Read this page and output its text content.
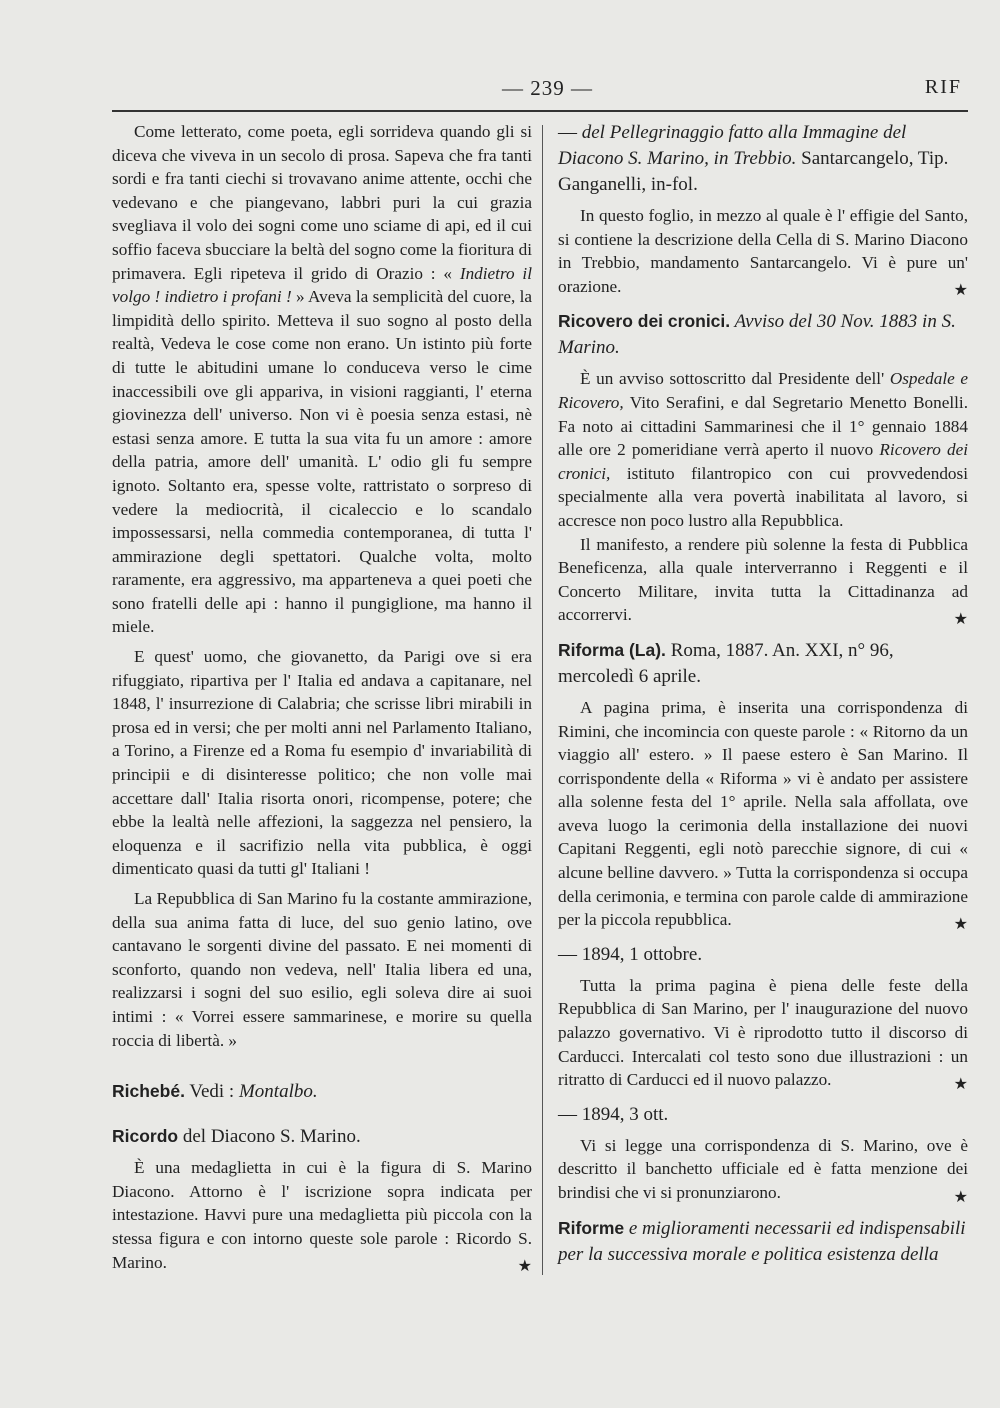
— 239 —	RIF

Come letterato, come poeta, egli sorrideva quando gli si diceva che viveva in un secolo di prosa. Sapeva che fra tanti sordi e fra tanti ciechi si trovavano anime attente, occhi che vedevano e che piangevano, labbri puri la cui grazia svegliava il volo dei sogni come uno sciame di api, ed il cui soffio faceva sbucciare la beltà del sogno come la fioritura di primavera. Egli ripeteva il grido di Orazio : « Indietro il volgo ! indietro i profani ! » Aveva la semplicità del cuore, la limpidità dello spirito. Metteva il suo sogno al posto della realtà, Vedeva le cose come non erano. Un istinto più forte di tutte le abitudini umane lo conduceva verso le cime inaccessibili ove gli appariva, in visioni raggianti, l' eterna giovinezza dell' universo. Non vi è poesia senza estasi, nè estasi senza amore. E tutta la sua vita fu un amore : amore della patria, amore dell' umanità. L' odio gli fu sempre ignoto. Soltanto era, spesse volte, rattristato o sorpreso di vedere la mediocrità, il cicaleccio e lo scandalo impossessarsi, nella commedia contemporanea, di tutta l' ammirazione degli spettatori. Qualche volta, molto raramente, era aggressivo, ma apparteneva a quei poeti che sono fratelli delle api : hanno il pungiglione, ma hanno il miele.

E quest' uomo, che giovanetto, da Parigi ove si era rifuggiato, ripartiva per l' Italia ed andava a capitanare, nel 1848, l' insurrezione di Calabria; che scrisse libri mirabili in prosa ed in versi; che per molti anni nel Parlamento Italiano, a Torino, a Firenze ed a Roma fu esempio d' invariabilità di principii e di disinteresse politico; che non volle mai accettare dall' Italia risorta onori, ricompense, potere; che ebbe la lealtà nelle affezioni, la saggezza nel pensiero, la eloquenza e il sacrifizio nella vita pubblica, è oggi dimenticato quasi da tutti gl' Italiani !

La Repubblica di San Marino fu la costante ammirazione, della sua anima fatta di luce, del suo genio latino, ove cantavano le sorgenti divine del passato. E nei momenti di sconforto, quando non vedeva, nell' Italia libera ed una, realizzarsi i sogni del suo esilio, egli soleva dire ai suoi intimi : « Vorrei essere sammarinese, e morire su quella roccia di libertà. »

Richebé. Vedi : Montalbo.

Ricordo del Diacono S. Marino.

È una medaglietta in cui è la figura di S. Marino Diacono. Attorno è l' iscrizione sopra indicata per intestazione. Havvi pure una medaglietta più piccola con la stessa figura e con intorno queste sole parole : Ricordo S. Marino.	★

— del Pellegrinaggio fatto alla Immagine del Diacono S. Marino, in Trebbio. Santarcangelo, Tip. Ganganelli, in-fol.

In questo foglio, in mezzo al quale è l' effigie del Santo, si contiene la descrizione della Cella di S. Marino Diacono in Trebbio, mandamento Santarcangelo. Vi è pure un' orazione.	★

Ricovero dei cronici. Avviso del 30 Nov. 1883 in S. Marino.

È un avviso sottoscritto dal Presidente dell' Ospedale e Ricovero, Vito Serafini, e dal Segretario Menetto Bonelli. Fa noto ai cittadini Sammarinesi che il 1° gennaio 1884 alle ore 2 pomeridiane verrà aperto il nuovo Ricovero dei cronici, istituto filantropico con cui provvedendosi specialmente alla vera povertà inabilitata al lavoro, si accresce non poco lustro alla Repubblica.

Il manifesto, a rendere più solenne la festa di Pubblica Beneficenza, alla quale interverranno i Reggenti e il Concerto Militare, invita tutta la Cittadinanza ad accorrervi.	★

Riforma (La). Roma, 1887. An. XXI, n° 96, mercoledì 6 aprile.

A pagina prima, è inserita una corrispondenza di Rimini, che incomincia con queste parole : « Ritorno da un viaggio all' estero. » Il paese estero è San Marino. Il corrispondente della « Riforma » vi è andato per assistere alla solenne festa del 1° aprile. Nella sala affollata, ove aveva luogo la cerimonia della installazione dei nuovi Capitani Reggenti, egli notò parecchie signore, di cui « alcune belline davvero. » Tutta la corrispondenza si occupa della cerimonia, e termina con parole calde di ammirazione per la piccola repubblica.	★

— 1894, 1 ottobre.

Tutta la prima pagina è piena delle feste della Repubblica di San Marino, per l' inaugurazione del nuovo palazzo governativo. Vi è riprodotto tutto il discorso di Carducci. Intercalati col testo sono due illustrazioni : un ritratto di Carducci ed il nuovo palazzo.	★

— 1894, 3 ott.

Vi si legge una corrispondenza di S. Marino, ove è descritto il banchetto ufficiale ed è fatta menzione dei brindisi che vi si pronunziarono.	★

Riforme e miglioramenti necessarii ed indispensabili per la successiva morale e politica esistenza della
